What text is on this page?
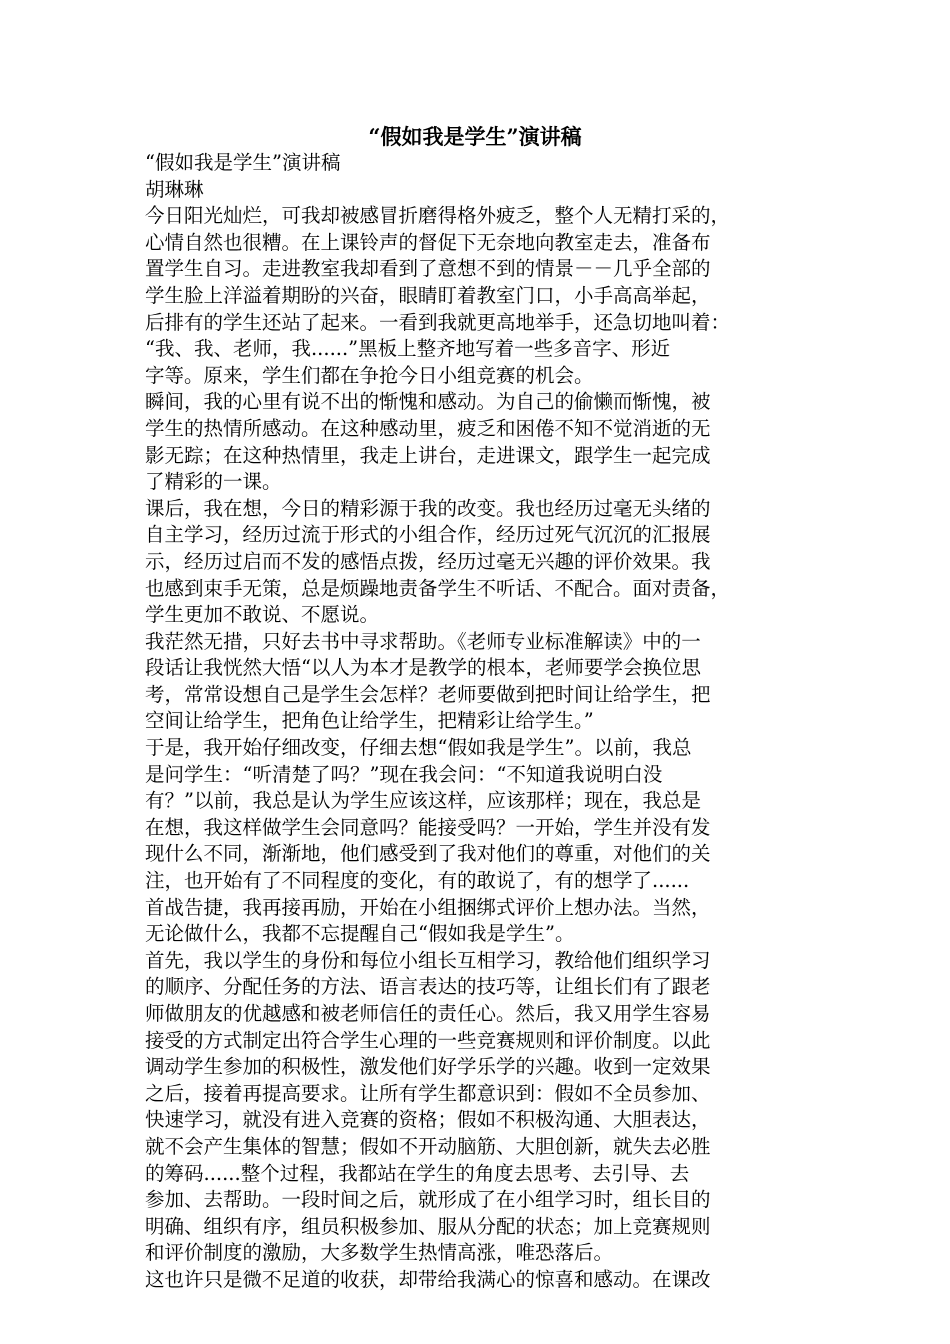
“假如我是学生”演讲稿
“假如我是学生”演讲稿
胡琳琳
今日阳光灿烂，可我却被感冒折磨得格外疲乏，整个人无精打采的，
心情自然也很糟。在上课铃声的督促下无奈地向教室走去，准备布
置学生自习。走进教室我却看到了意想不到的情景－－几乎全部的
学生脸上洋溢着期盼的兴奋，眼睛盯着教室门口，小手高高举起，
后排有的学生还站了起来。一看到我就更高地举手，还急切地叫着：
“我、我、老师，我......”黑板上整齐地写着一些多音字、形近
字等。原来，学生们都在争抢今日小组竞赛的机会。
瞬间，我的心里有说不出的惭愧和感动。为自己的偷懒而惭愧，被
学生的热情所感动。在这种感动里，疲乏和困倦不知不觉消逝的无
影无踪；在这种热情里，我走上讲台，走进课文，跟学生一起完成
了精彩的一课。
课后，我在想，今日的精彩源于我的改变。我也经历过毫无头绪的
自主学习，经历过流于形式的小组合作，经历过死气沉沉的汇报展
示，经历过启而不发的感悟点拨，经历过毫无兴趣的评价效果。我
也感到束手无策，总是烦躁地责备学生不听话、不配合。面对责备，
学生更加不敢说、不愿说。
我茫然无措，只好去书中寻求帮助。《老师专业标准解读》中的一
段话让我恍然大悟“以人为本才是教学的根本，老师要学会换位思
考，常常设想自己是学生会怎样？老师要做到把时间让给学生，把
空间让给学生，把角色让给学生，把精彩让给学生。”
于是，我开始仔细改变，仔细去想“假如我是学生”。以前，我总
是问学生：“听清楚了吗？”现在我会问：“不知道我说明白没
有？”以前，我总是认为学生应该这样，应该那样；现在，我总是
在想，我这样做学生会同意吗？能接受吗？一开始，学生并没有发
现什么不同，渐渐地，他们感受到了我对他们的尊重，对他们的关
注，也开始有了不同程度的变化，有的敢说了，有的想学了......
首战告捷，我再接再励，开始在小组捆绑式评价上想办法。当然，
无论做什么，我都不忘提醒自己“假如我是学生”。
首先，我以学生的身份和每位小组长互相学习，教给他们组织学习
的顺序、分配任务的方法、语言表达的技巧等，让组长们有了跟老
师做朋友的优越感和被老师信任的责任心。然后，我又用学生容易
接受的方式制定出符合学生心理的一些竞赛规则和评价制度。以此
调动学生参加的积极性，激发他们好学乐学的兴趣。收到一定效果
之后，接着再提高要求。让所有学生都意识到：假如不全员参加、
快速学习，就没有进入竞赛的资格；假如不积极沟通、大胆表达，
就不会产生集体的智慧；假如不开动脑筋、大胆创新，就失去必胜
的筹码......整个过程，我都站在学生的角度去思考、去引导、去
参加、去帮助。一段时间之后，就形成了在小组学习时，组长目的
明确、组织有序，组员积极参加、服从分配的状态；加上竞赛规则
和评价制度的激励，大多数学生热情高涨，唯恐落后。
这也许只是微不足道的收获，却带给我满心的惊喜和感动。在课改
